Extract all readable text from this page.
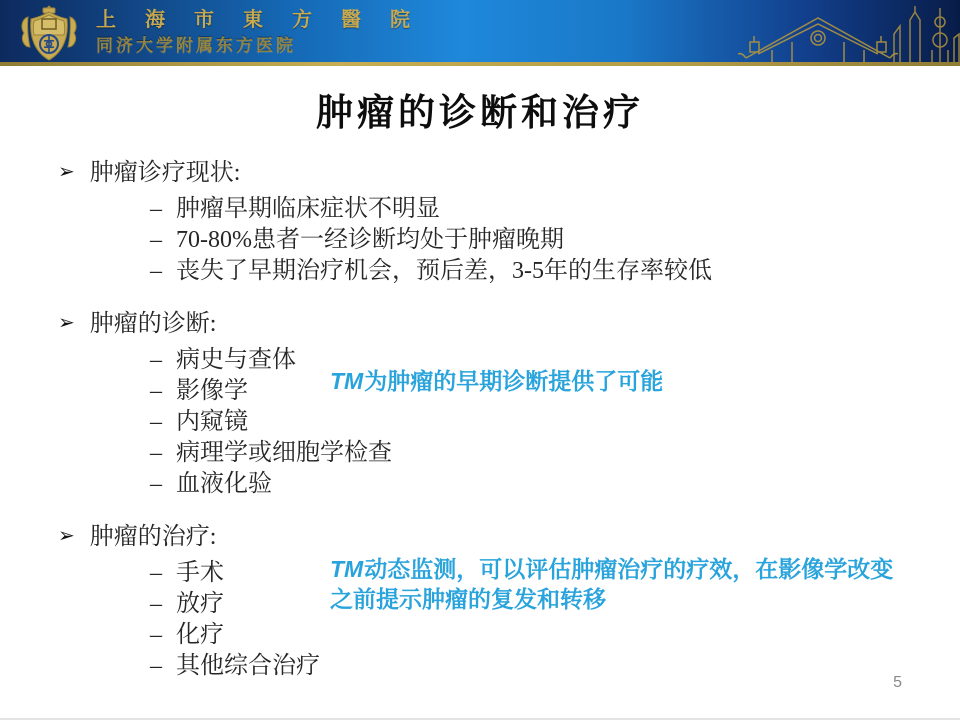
上 海 市 東 方 醫 院
同济大学附属东方医院
肿瘤的诊断和治疗
➢ 肿瘤诊疗现状:
– 肿瘤早期临床症状不明显
– 70-80%患者一经诊断均处于肿瘤晚期
– 丧失了早期治疗机会，预后差，3-5年的生存率较低
➢ 肿瘤的诊断:
– 病史与查体
– 影像学
– 内窥镜
– 病理学或细胞学检查
– 血液化验
➢ 肿瘤的治疗:
– 手术
– 放疗
– 化疗
– 其他综合治疗
TM为肿瘤的早期诊断提供了可能
TM动态监测，可以评估肿瘤治疗的疗效，在影像学改变
之前提示肿瘤的复发和转移
5
